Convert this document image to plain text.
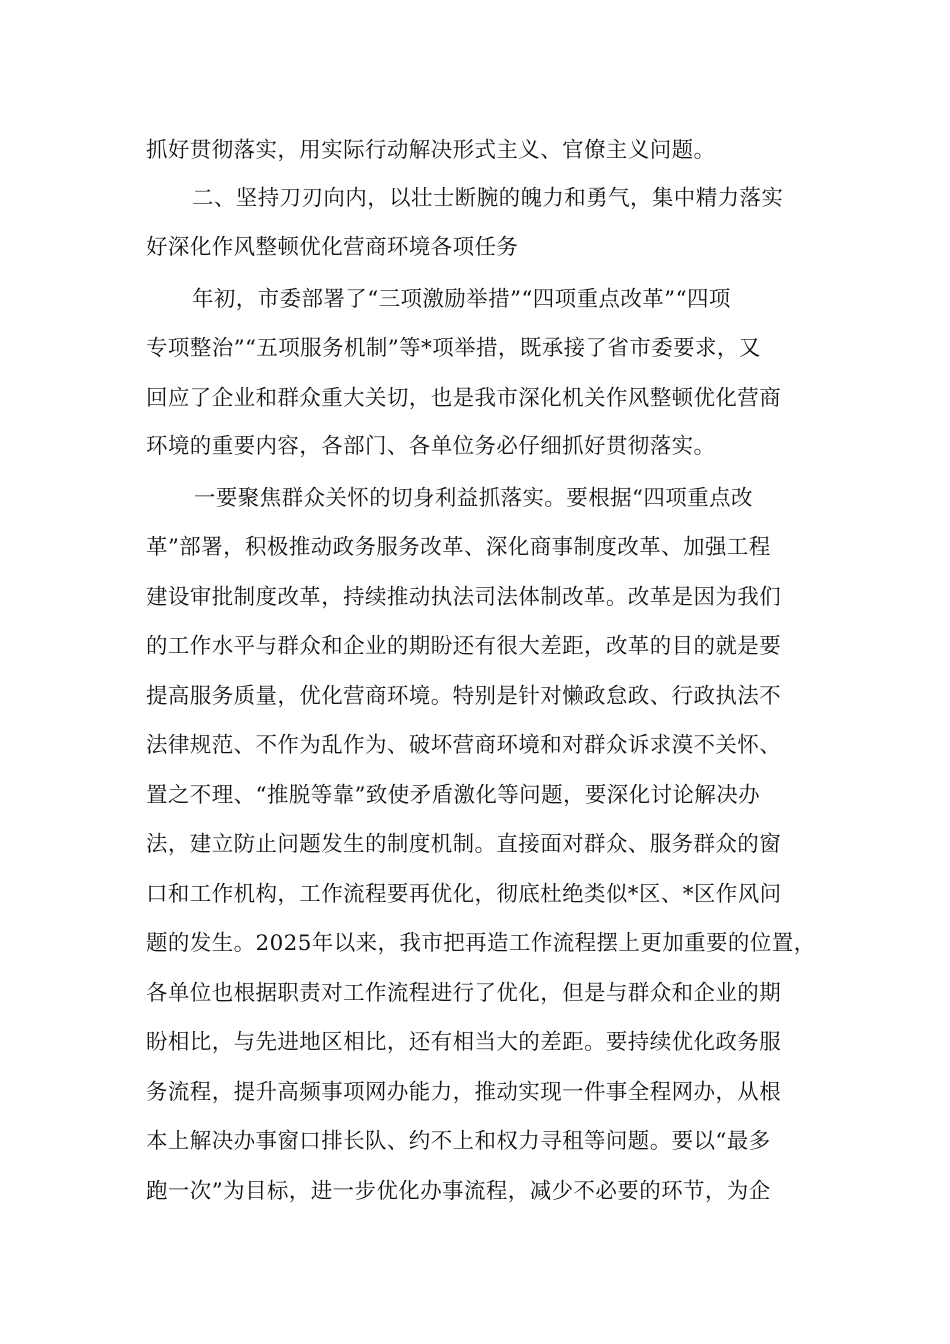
抓好贯彻落实，用实际行动解决形式主义、官僚主义问题。
二、坚持刀刃向内，以壮士断腕的魄力和勇气，集中精力落实
好深化作风整顿优化营商环境各项任务
年初，市委部署了“三项激励举措”“四项重点改革”“四项
专项整治”“五项服务机制”等*项举措，既承接了省市委要求，又
回应了企业和群众重大关切，也是我市深化机关作风整顿优化营商
环境的重要内容，各部门、各单位务必仔细抓好贯彻落实。
一要聚焦群众关怀的切身利益抓落实。要根据“四项重点改
革”部署，积极推动政务服务改革、深化商事制度改革、加强工程
建设审批制度改革，持续推动执法司法体制改革。改革是因为我们
的工作水平与群众和企业的期盼还有很大差距，改革的目的就是要
提高服务质量，优化营商环境。特别是针对懒政怠政、行政执法不
法律规范、不作为乱作为、破坏营商环境和对群众诉求漠不关怀、
置之不理、“推脱等靠”致使矛盾激化等问题，要深化讨论解决办
法，建立防止问题发生的制度机制。直接面对群众、服务群众的窗
口和工作机构，工作流程要再优化，彻底杜绝类似*区、*区作风问
题的发生。2025年以来，我市把再造工作流程摆上更加重要的位置，
各单位也根据职责对工作流程进行了优化，但是与群众和企业的期
盼相比，与先进地区相比，还有相当大的差距。要持续优化政务服
务流程，提升高频事项网办能力，推动实现一件事全程网办，从根
本上解决办事窗口排长队、约不上和权力寻租等问题。要以“最多
跑一次”为目标，进一步优化办事流程，减少不必要的环节，为企
